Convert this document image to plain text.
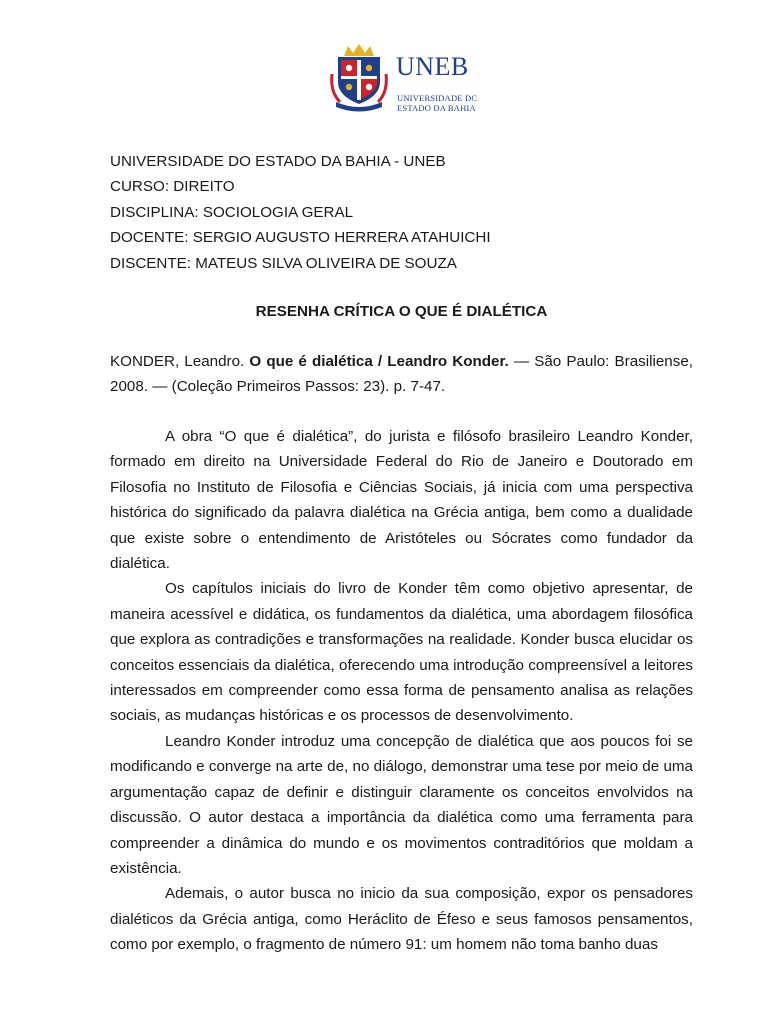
UNEB
UNIVERSIDADE DC
ESTADO DA BAHIA
UNIVERSIDADE DO ESTADO DA BAHIA - UNEB
CURSO: DIREITO
DISCIPLINA: SOCIOLOGIA GERAL
DOCENTE: SERGIO AUGUSTO HERRERA ATAHUICHI
DISCENTE: MATEUS SILVA OLIVEIRA DE SOUZA
RESENHA CRÍTICA O QUE É DIALÉTICA
KONDER, Leandro. O que é dialética / Leandro Konder. — São Paulo: Brasiliense, 2008. — (Coleção Primeiros Passos: 23). p. 7-47.

A obra “O que é dialética”, do jurista e filósofo brasileiro Leandro Konder, formado em direito na Universidade Federal do Rio de Janeiro e Doutorado em Filosofia no Instituto de Filosofia e Ciências Sociais, já inicia com uma perspectiva histórica do significado da palavra dialética na Grécia antiga, bem como a dualidade que existe sobre o entendimento de Aristóteles ou Sócrates como fundador da dialética.

Os capítulos iniciais do livro de Konder têm como objetivo apresentar, de maneira acessível e didática, os fundamentos da dialética, uma abordagem filosófica que explora as contradições e transformações na realidade. Konder busca elucidar os conceitos essenciais da dialética, oferecendo uma introdução compreensível a leitores interessados em compreender como essa forma de pensamento analisa as relações sociais, as mudanças históricas e os processos de desenvolvimento.

Leandro Konder introduz uma concepção de dialética que aos poucos foi se modificando e converge na arte de, no diálogo, demonstrar uma tese por meio de uma argumentação capaz de definir e distinguir claramente os conceitos envolvidos na discussão. O autor destaca a importância da dialética como uma ferramenta para compreender a dinâmica do mundo e os movimentos contraditórios que moldam a existência.

Ademais, o autor busca no inicio da sua composição, expor os pensadores dialéticos da Grécia antiga, como Heráclito de Éfeso e seus famosos pensamentos, como por exemplo, o fragmento de número 91: um homem não toma banho duas
